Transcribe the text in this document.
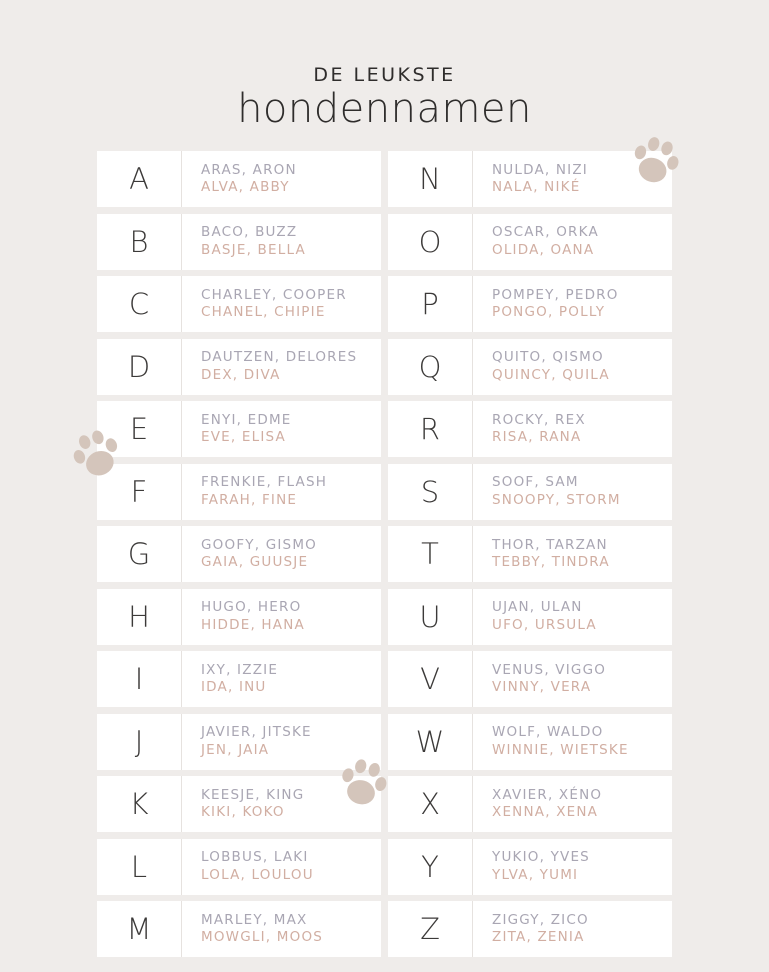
DE LEUKSTE
hondennamen
A	ARAS, ARON
ALVA, ABBY
B	BACO, BUZZ
BASJE, BELLA
C	CHARLEY, COOPER
CHANEL, CHIPIE
D	DAUTZEN, DELORES
DEX, DIVA
E	ENYI, EDME
EVE, ELISA
F	FRENKIE, FLASH
FARAH, FINE
G	GOOFY, GISMO
GAIA, GUUSJE
H	HUGO, HERO
HIDDE, HANA
I	IXY, IZZIE
IDA, INU
J	JAVIER, JITSKE
JEN, JAIA
K	KEESJE, KING
KIKI, KOKO
L	LOBBUS, LAKI
LOLA, LOULOU
M	MARLEY, MAX
MOWGLI, MOOS
N	NULDA, NIZI
NALA, NIKÉ
O	OSCAR, ORKA
OLIDA, OANA
P	POMPEY, PEDRO
PONGO, POLLY
Q	QUITO, QISMO
QUINCY, QUILA
R	ROCKY, REX
RISA, RANA
S	SOOF, SAM
SNOOPY, STORM
T	THOR, TARZAN
TEBBY, TINDRA
U	UJAN, ULAN
UFO, URSULA
V	VENUS, VIGGO
VINNY, VERA
W	WOLF, WALDO
WINNIE, WIETSKE
X	XAVIER, XÉNO
XENNA, XENA
Y	YUKIO, YVES
YLVA, YUMI
Z	ZIGGY, ZICO
ZITA, ZENIA
